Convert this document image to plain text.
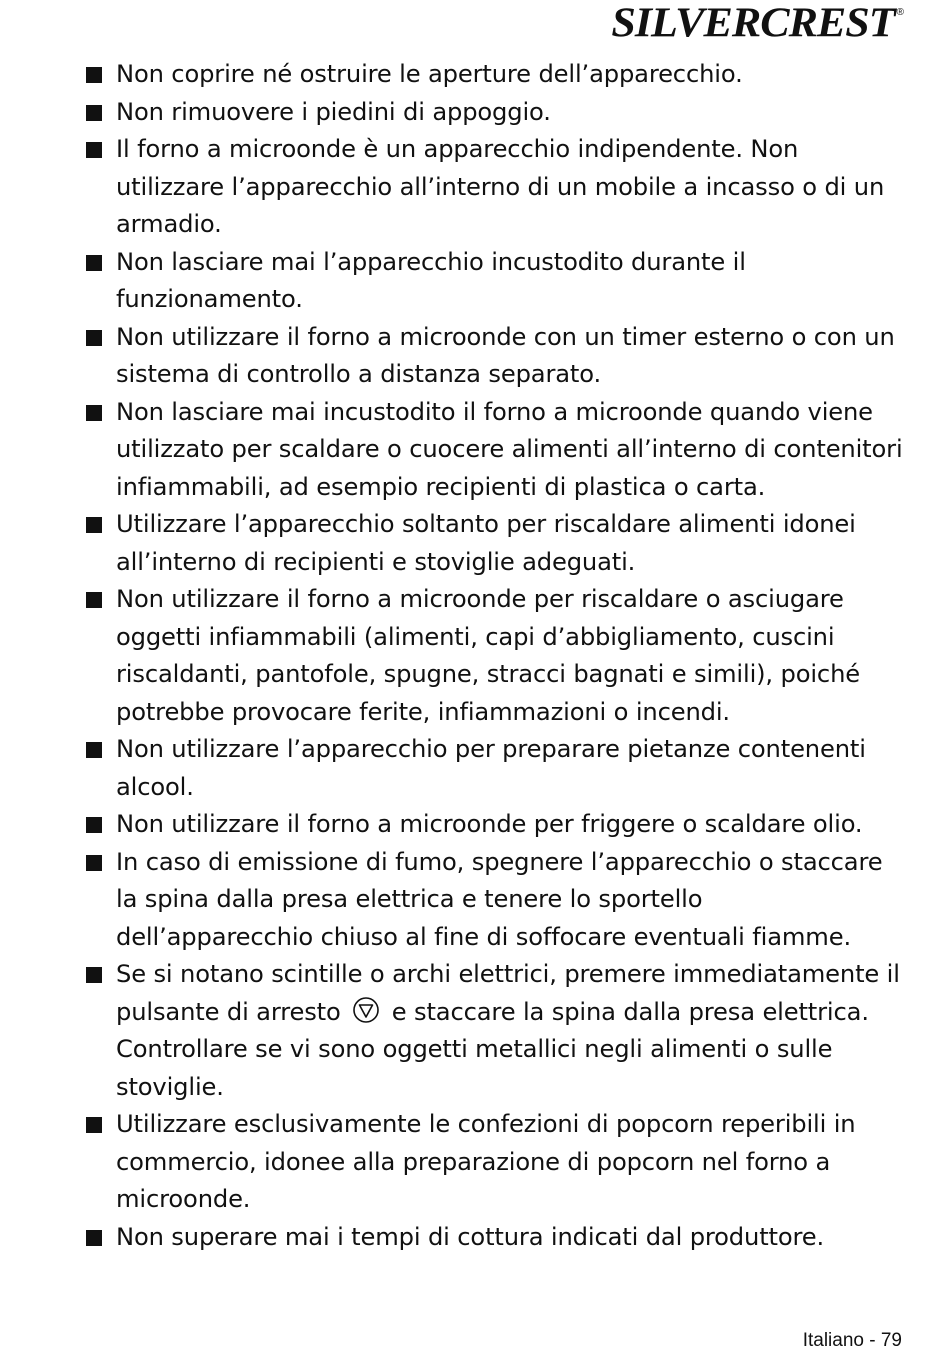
SILVERCREST ®
Non coprire né ostruire le aperture dell’apparecchio.
Non rimuovere i piedini di appoggio.
Il forno a microonde è un apparecchio indipendente. Non utilizzare l’apparecchio all’interno di un mobile a incasso o di un armadio.
Non lasciare mai l’apparecchio incustodito durante il funzionamento.
Non utilizzare il forno a microonde con un timer esterno o con un sistema di controllo a distanza separato.
Non lasciare mai incustodito il forno a microonde quando viene utilizzato per scaldare o cuocere alimenti all’interno di contenitori infiammabili, ad esempio recipienti di plastica o carta.
Utilizzare l’apparecchio soltanto per riscaldare alimenti idonei all’interno di recipienti e stoviglie adeguati.
Non utilizzare il forno a microonde per riscaldare o asciugare oggetti infiammabili (alimenti, capi d’abbigliamento, cuscini riscaldanti, pantofole, spugne, stracci bagnati e simili), poiché potrebbe provocare ferite, infiammazioni o incendi.
Non utilizzare l’apparecchio per preparare pietanze contenenti alcool.
Non utilizzare il forno a microonde per friggere o scaldare olio.
In caso di emissione di fumo, spegnere l’apparecchio o staccare la spina dalla presa elettrica e tenere lo sportello dell’apparecchio chiuso al fine di soffocare eventuali fiamme.
Se si notano scintille o archi elettrici, premere immediatamente il pulsante di arresto e staccare la spina dalla presa elettrica. Controllare se vi sono oggetti metallici negli alimenti o sulle stoviglie.
Utilizzare esclusivamente le confezioni di popcorn reperibili in commercio, idonee alla preparazione di popcorn nel forno a microonde.
Non superare mai i tempi di cottura indicati dal produttore.
Italiano - 79
